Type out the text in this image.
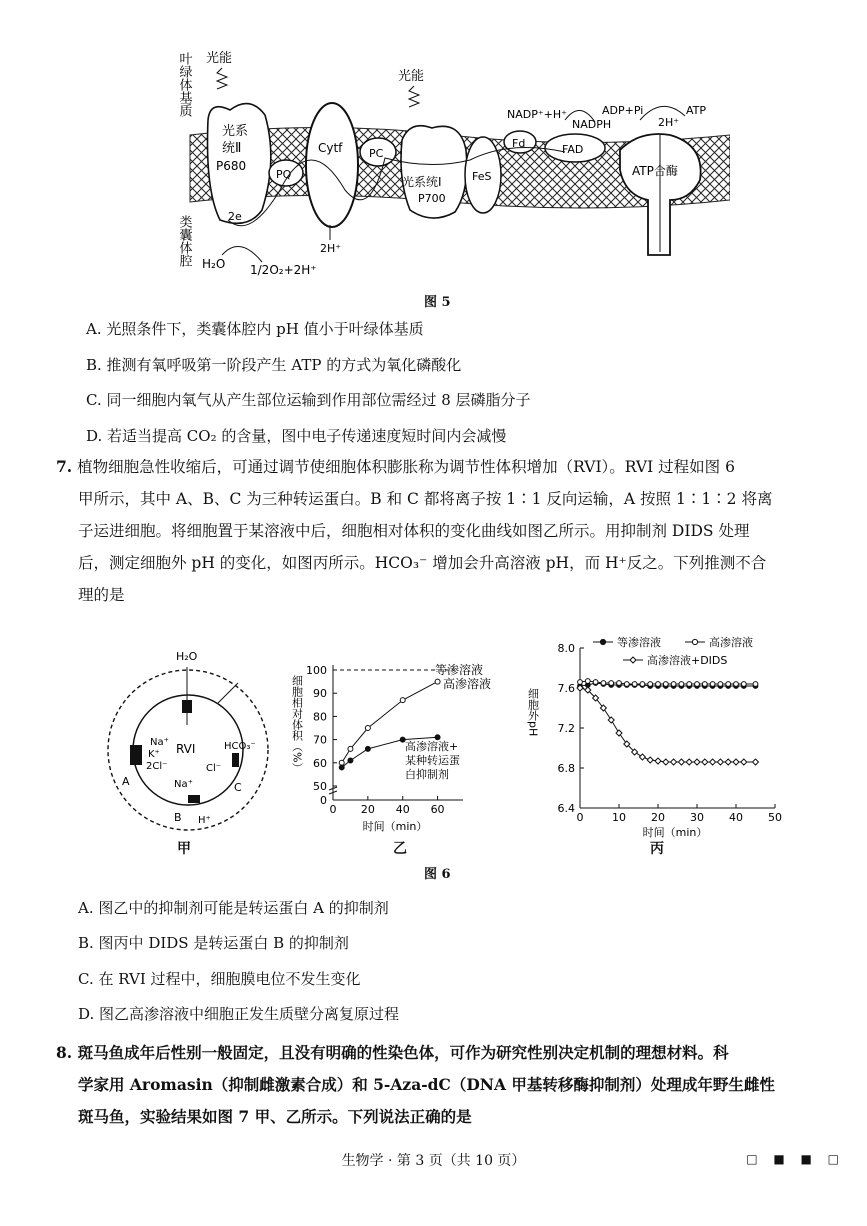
叶绿体基质
类囊体腔
光能
光能
光系
统Ⅱ
P680
PQ
Cytf PC
光系统Ⅰ
P700
FeS
Fd	FAD
ATP合酶
NADP⁺+H⁺
NADPH
ADP+Pi	ATP
2H⁺
2e
2H⁺
H₂O 1/2O₂+2H⁺
图 5
A. 光照条件下，类囊体腔内 pH 值小于叶绿体基质
B. 推测有氧呼吸第一阶段产生 ATP 的方式为氧化磷酸化
C. 同一细胞内氧气从产生部位运输到作用部位需经过 8 层磷脂分子
D. 若适当提高 CO₂ 的含量，图中电子传递速度短时间内会减慢
7. 植物细胞急性收缩后，可通过调节使细胞体积膨胀称为调节性体积增加（RVI）。RVI 过程如图 6
甲所示，其中 A、B、C 为三种转运蛋白。B 和 C 都将离子按 1∶1 反向运输，A 按照 1∶1∶2 将离
子运进细胞。将细胞置于某溶液中后，细胞相对体积的变化曲线如图乙所示。用抑制剂 DIDS 处理
后，测定细胞外 pH 的变化，如图丙所示。HCO₃⁻ 增加会升高溶液 pH，而 H⁺反之。下列推测不合
理的是
H₂O
RVI
Na⁺
K⁺
2Cl⁻
A
HCO₃⁻
Cl⁻
C
Na⁺
B H⁺
甲
0
50
60
70
80
90
100
0 20 40 60
时间（min）
细胞相对体积（%）
等渗溶液
高渗溶液
高渗溶液+
某种转运蛋
白抑制剂
乙
6.4
6.8
7.2
7.6
8.0
0	10 20 30 40 50
时间（min）
细胞外pH
等渗溶液	高渗溶液
高渗溶液+DIDS
丙
图 6
A. 图乙中的抑制剂可能是转运蛋白 A 的抑制剂
B. 图丙中 DIDS 是转运蛋白 B 的抑制剂
C. 在 RVI 过程中，细胞膜电位不发生变化
D. 图乙高渗溶液中细胞正发生质壁分离复原过程
8. 斑马鱼成年后性别一般固定，且没有明确的性染色体，可作为研究性别决定机制的理想材料。科
学家用 Aromasin（抑制雌激素合成）和 5-Aza-dC（DNA 甲基转移酶抑制剂）处理成年野生雌性
斑马鱼，实验结果如图 7 甲、乙所示。下列说法正确的是
生物学 · 第 3 页（共 10 页）	□ ■ ■ □
